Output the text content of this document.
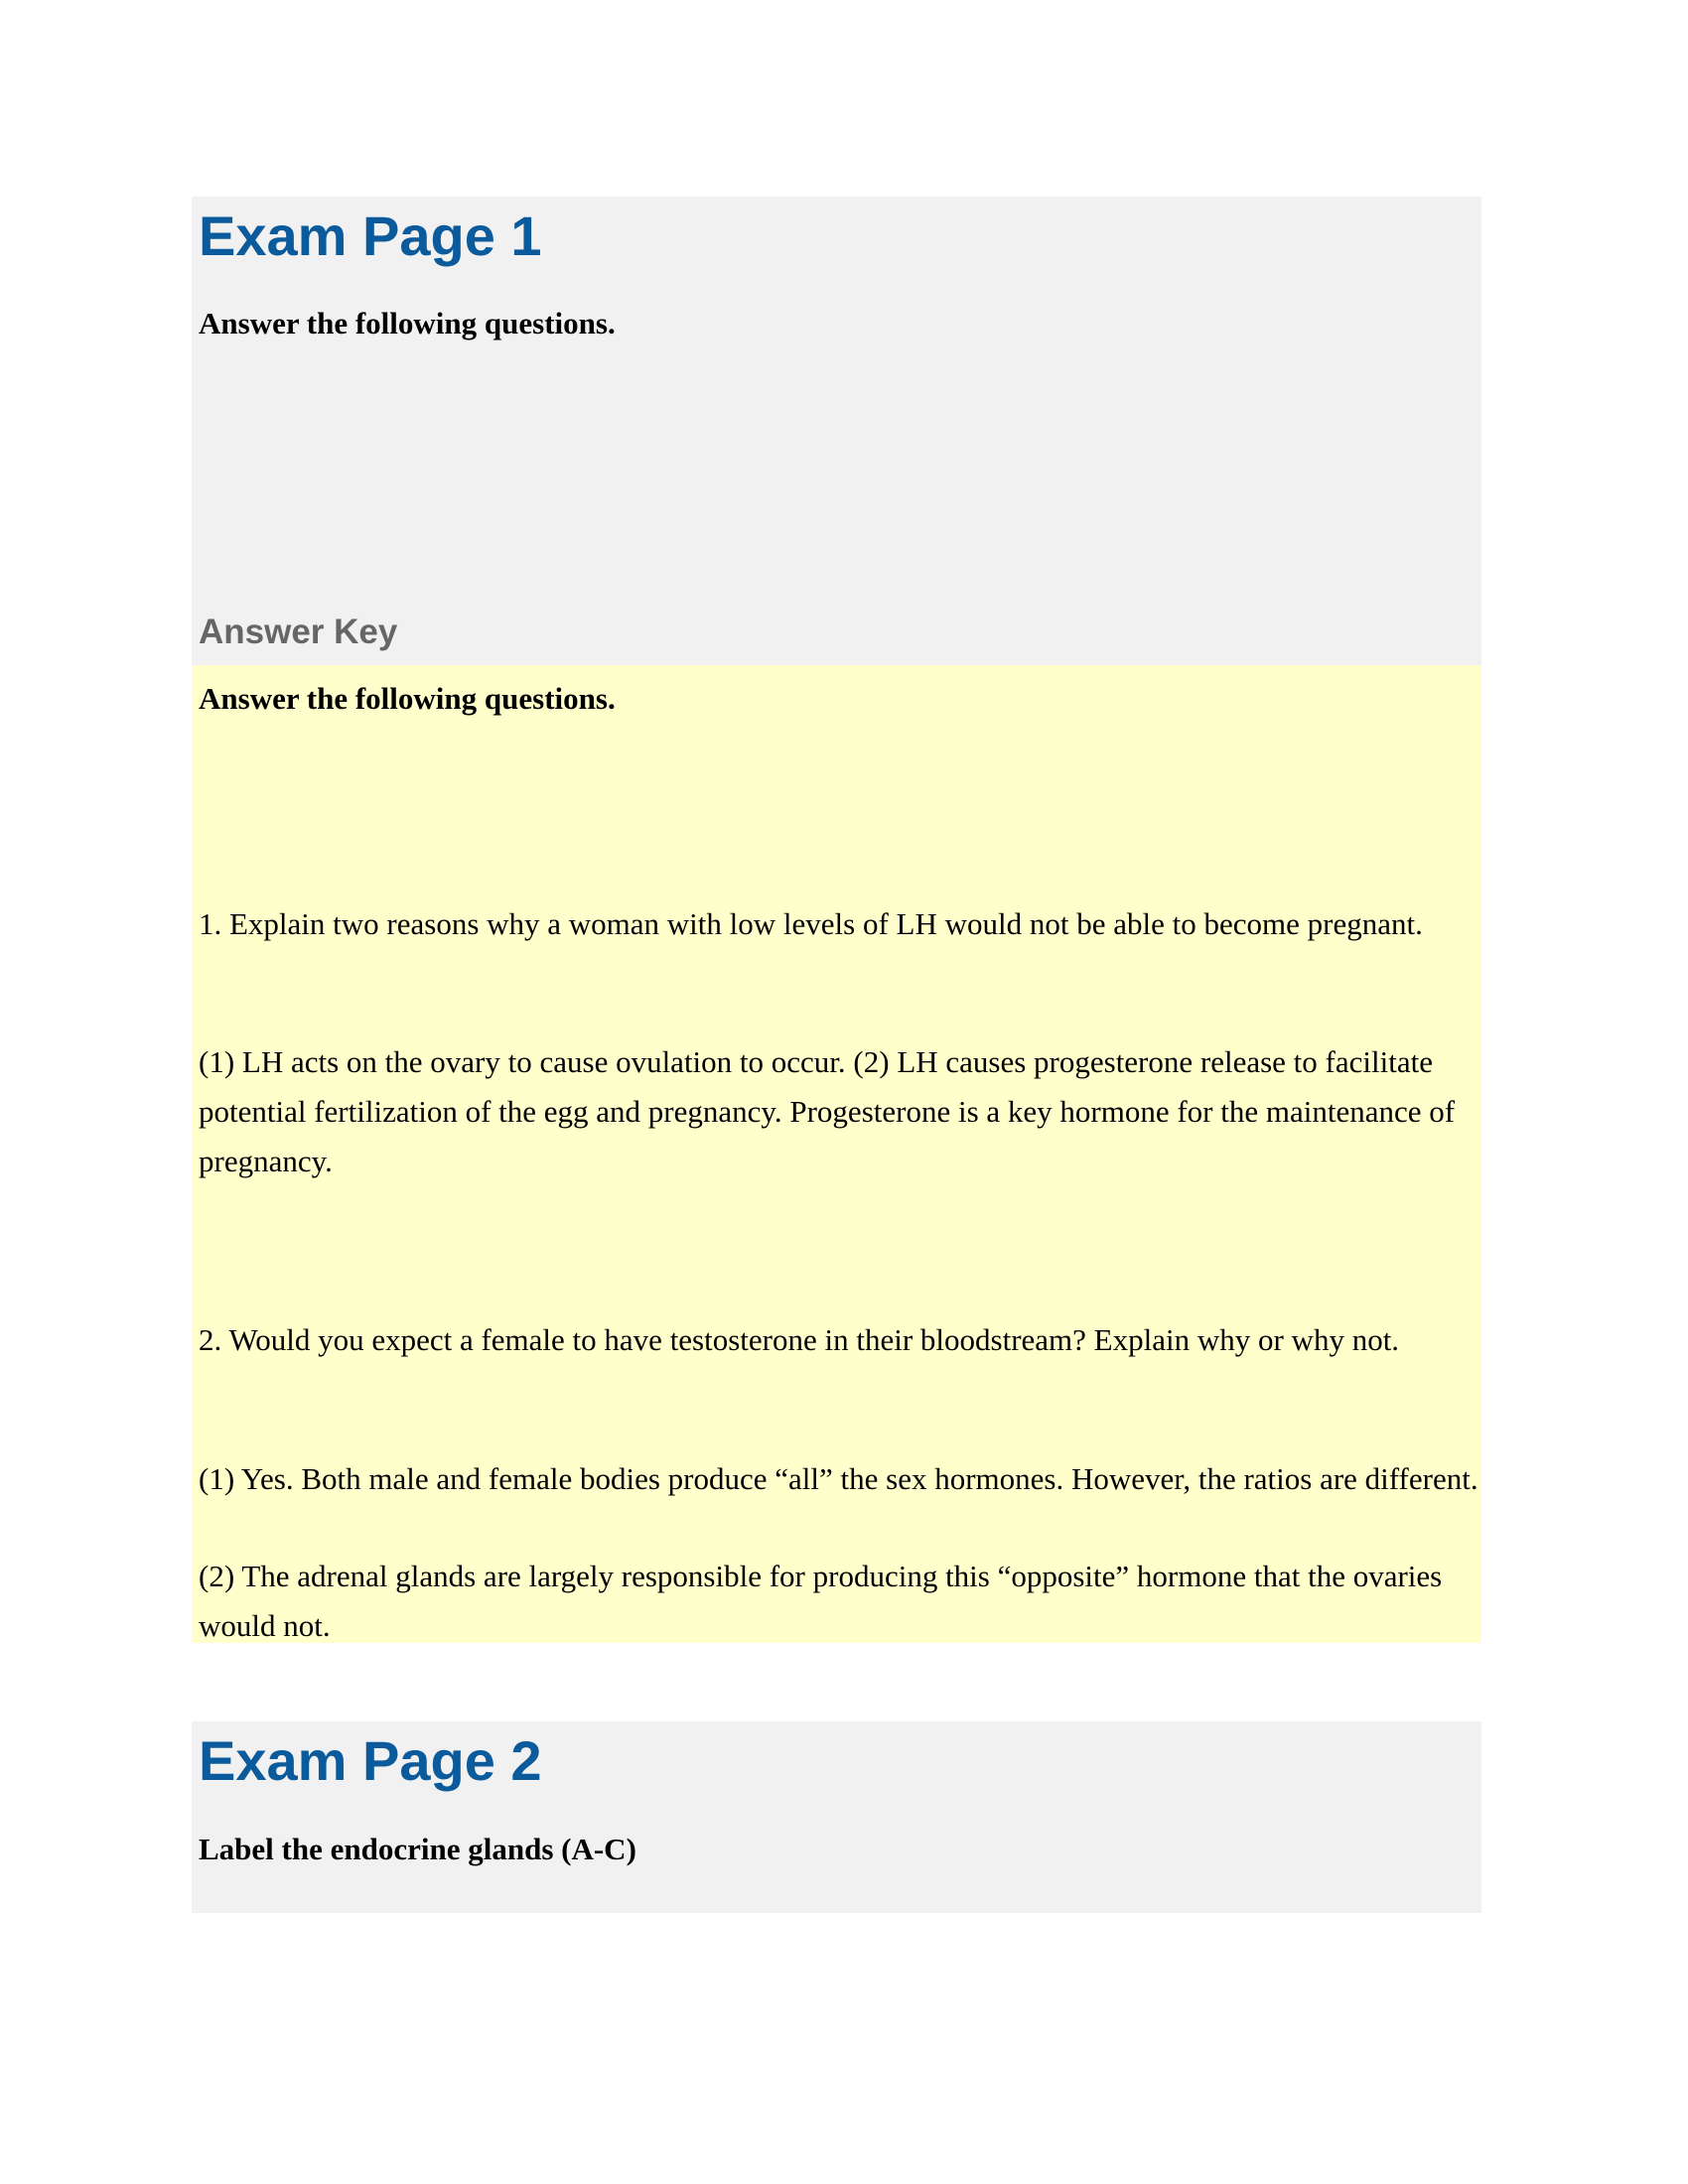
Exam Page 1

Answer the following questions.

Answer Key

Answer the following questions.

1. Explain two reasons why a woman with low levels of LH would not be able to become pregnant.

(1) LH acts on the ovary to cause ovulation to occur. (2) LH causes progesterone release to facilitate potential fertilization of the egg and pregnancy. Progesterone is a key hormone for the maintenance of pregnancy.

2. Would you expect a female to have testosterone in their bloodstream? Explain why or why not.

(1) Yes. Both male and female bodies produce “all” the sex hormones. However, the ratios are different.

(2) The adrenal glands are largely responsible for producing this “opposite” hormone that the ovaries would not.

Exam Page 2

Label the endocrine glands (A-C)
